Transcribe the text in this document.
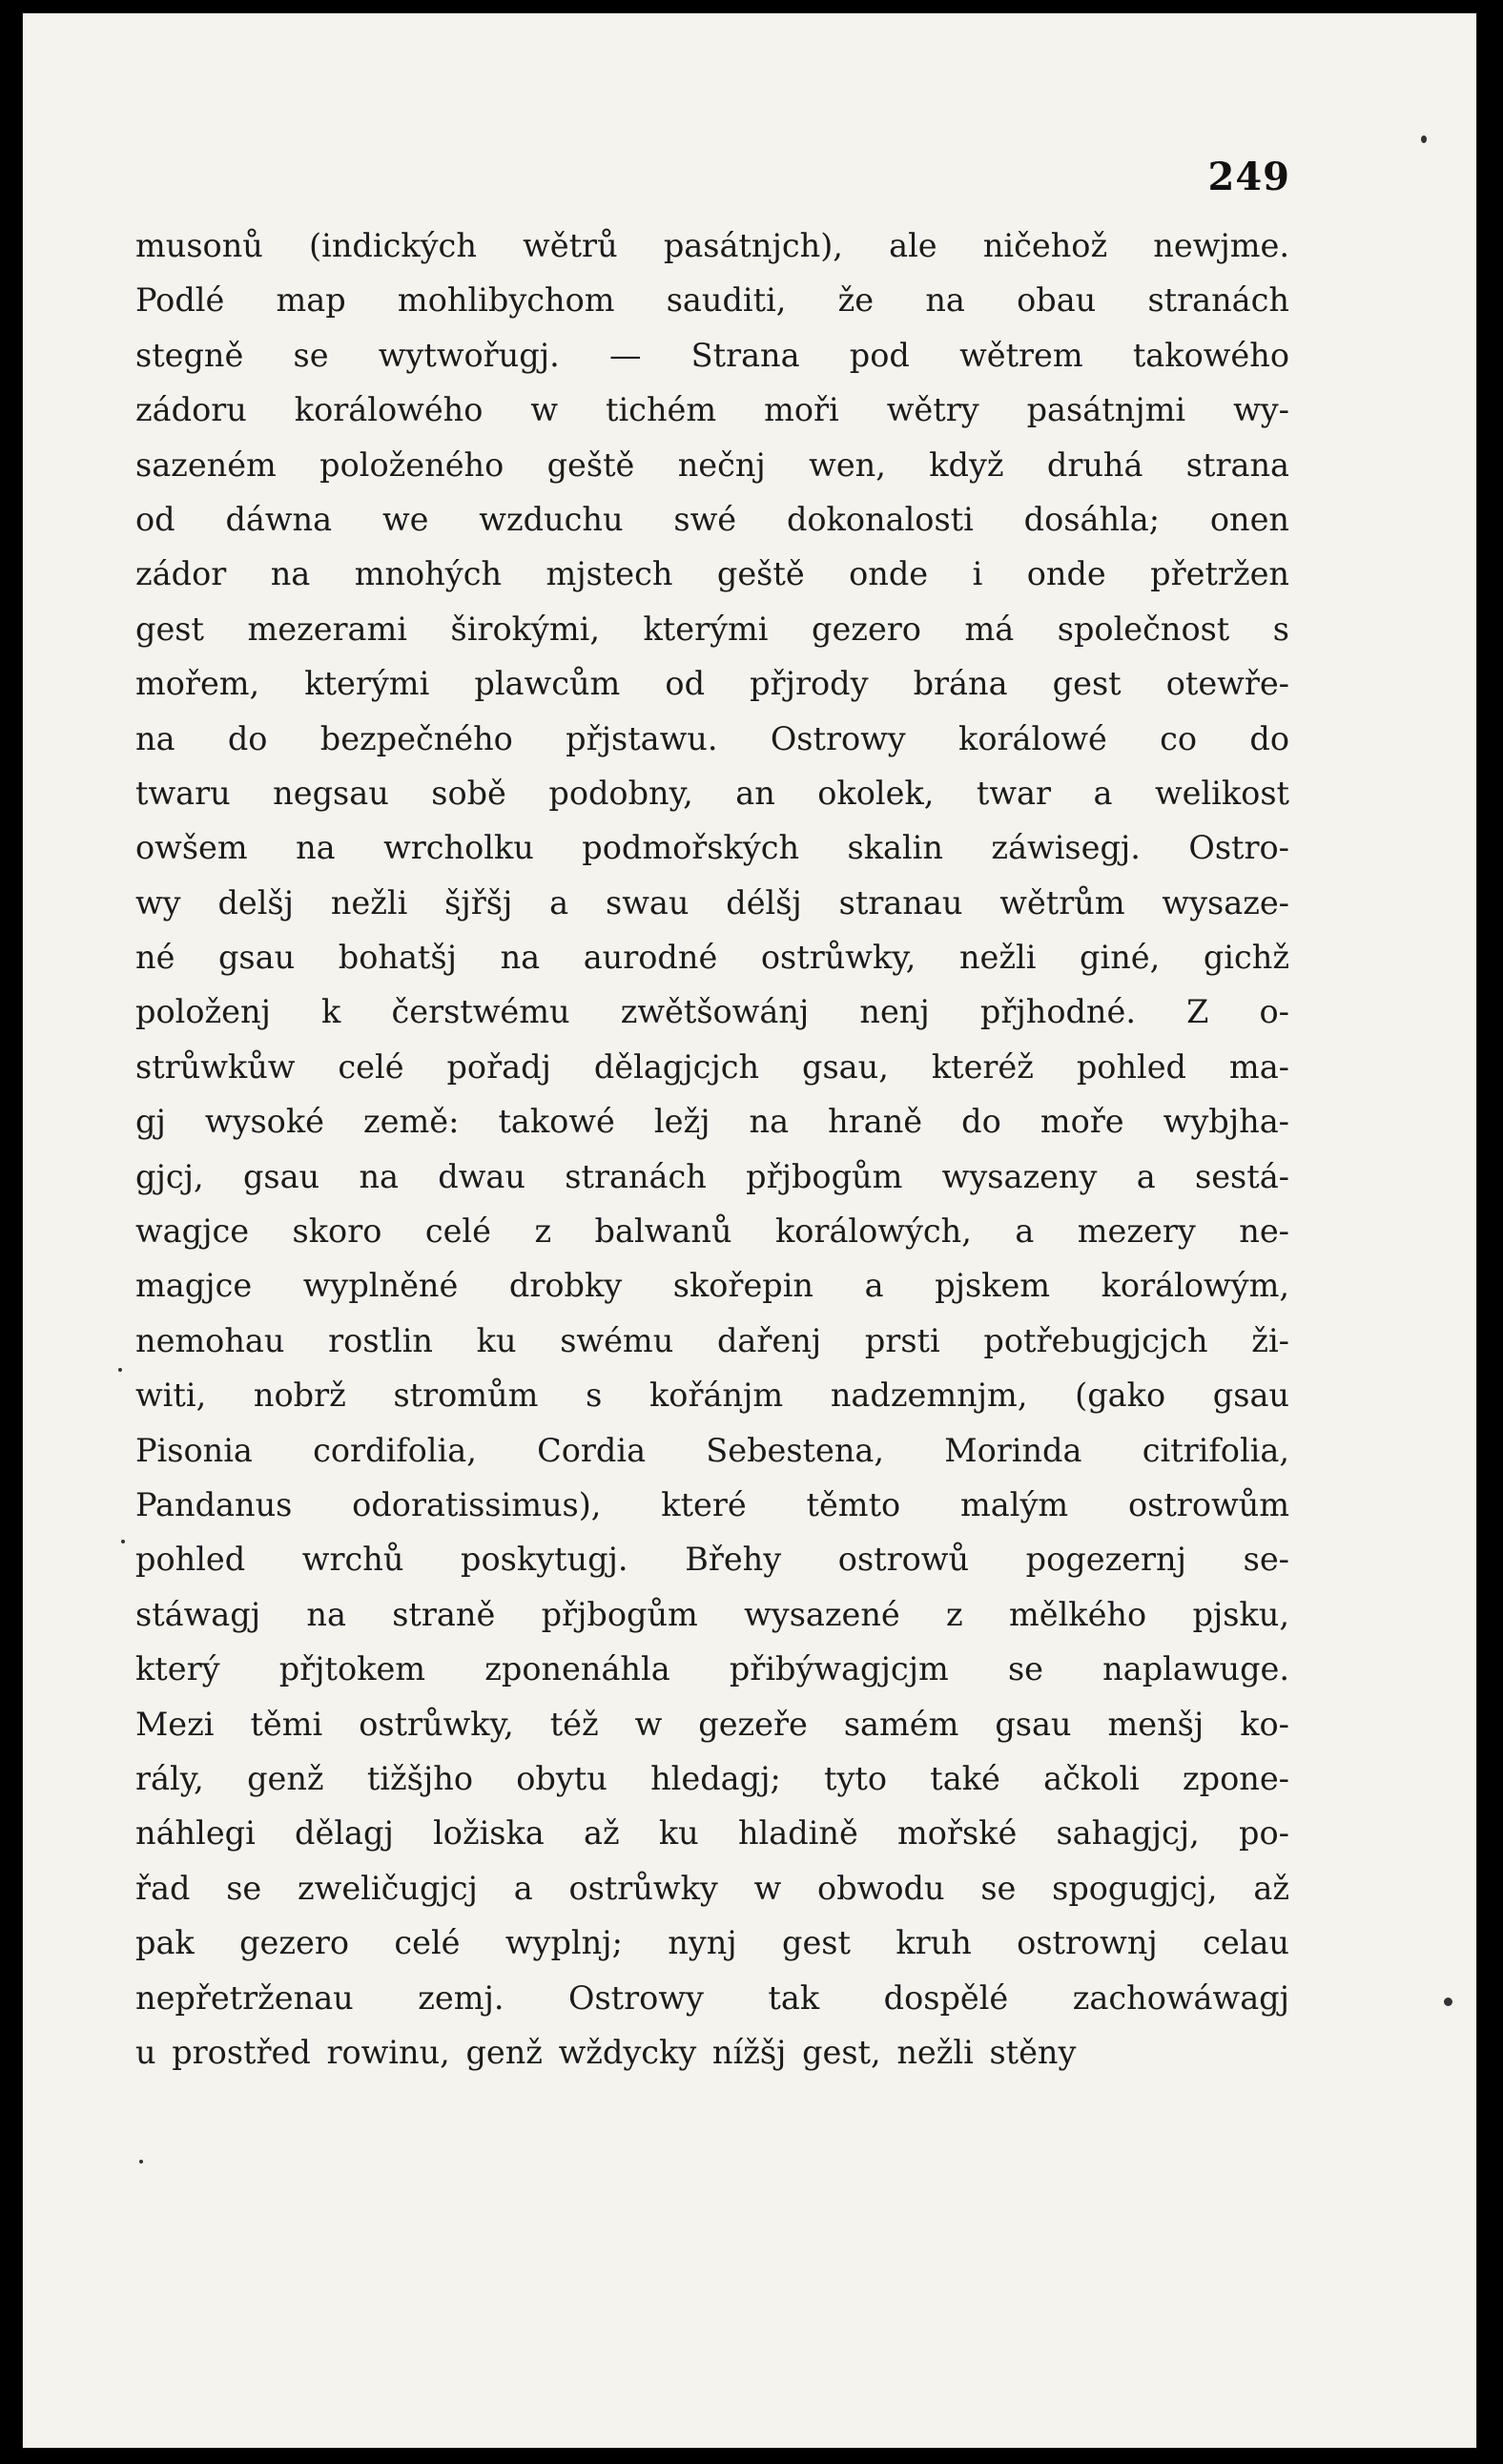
249
musonů (indických wětrů pasátnjch), ale ničehož newjme.
Podlé map mohlibychom sauditi, že na obau stranách
stegně se wytwořugj. — Strana pod wětrem takowého
zádoru korálowého w tichém moři wětry pasátnjmi wy-
sazeném položeného geště nečnj wen, když druhá strana
od dáwna we wzduchu swé dokonalosti dosáhla; onen
zádor na mnohých mjstech geště onde i onde přetržen
gest mezerami širokými, kterými gezero má společnost s
mořem, kterými plawcům od přjrody brána gest otewře-
na do bezpečného přjstawu. Ostrowy korálowé co do
twaru negsau sobě podobny, an okolek, twar a welikost
owšem na wrcholku podmořských skalin záwisegj. Ostro-
wy delšj nežli šjřšj a swau délšj stranau wětrům wysaze-
né gsau bohatšj na aurodné ostrůwky, nežli giné, gichž
položenj k čerstwému zwětšowánj nenj přjhodné. Z o-
strůwkůw celé pořadj dělagjcjch gsau, kteréž pohled ma-
gj wysoké země: takowé ležj na hraně do moře wybjha-
gjcj, gsau na dwau stranách přjbogům wysazeny a sestá-
wagjce skoro celé z balwanů korálowých, a mezery ne-
magjce wyplněné drobky skořepin a pjskem korálowým,
nemohau rostlin ku swému dařenj prsti potřebugjcjch ži-
witi, nobrž stromům s kořánjm nadzemnjm, (gako gsau
Pisonia cordifolia, Cordia Sebestena, Morinda citrifolia,
Pandanus odoratissimus), které těmto malým ostrowům
pohled wrchů poskytugj. Břehy ostrowů pogezernj se-
stáwagj na straně přjbogům wysazené z mělkého pjsku,
který přjtokem zponenáhla přibýwagjcjm se naplawuge.
Mezi těmi ostrůwky, též w gezeře samém gsau menšj ko-
rály, genž tižšjho obytu hledagj; tyto také ačkoli zpone-
náhlegi dělagj ložiska až ku hladině mořské sahagjcj, po-
řad se zweličugjcj a ostrůwky w obwodu se spogugjcj, až
pak gezero celé wyplnj; nynj gest kruh ostrownj celau
nepřetrženau zemj. Ostrowy tak dospělé zachowáwagj
u prostřed rowinu, genž wždycky nížšj gest, nežli stěny
